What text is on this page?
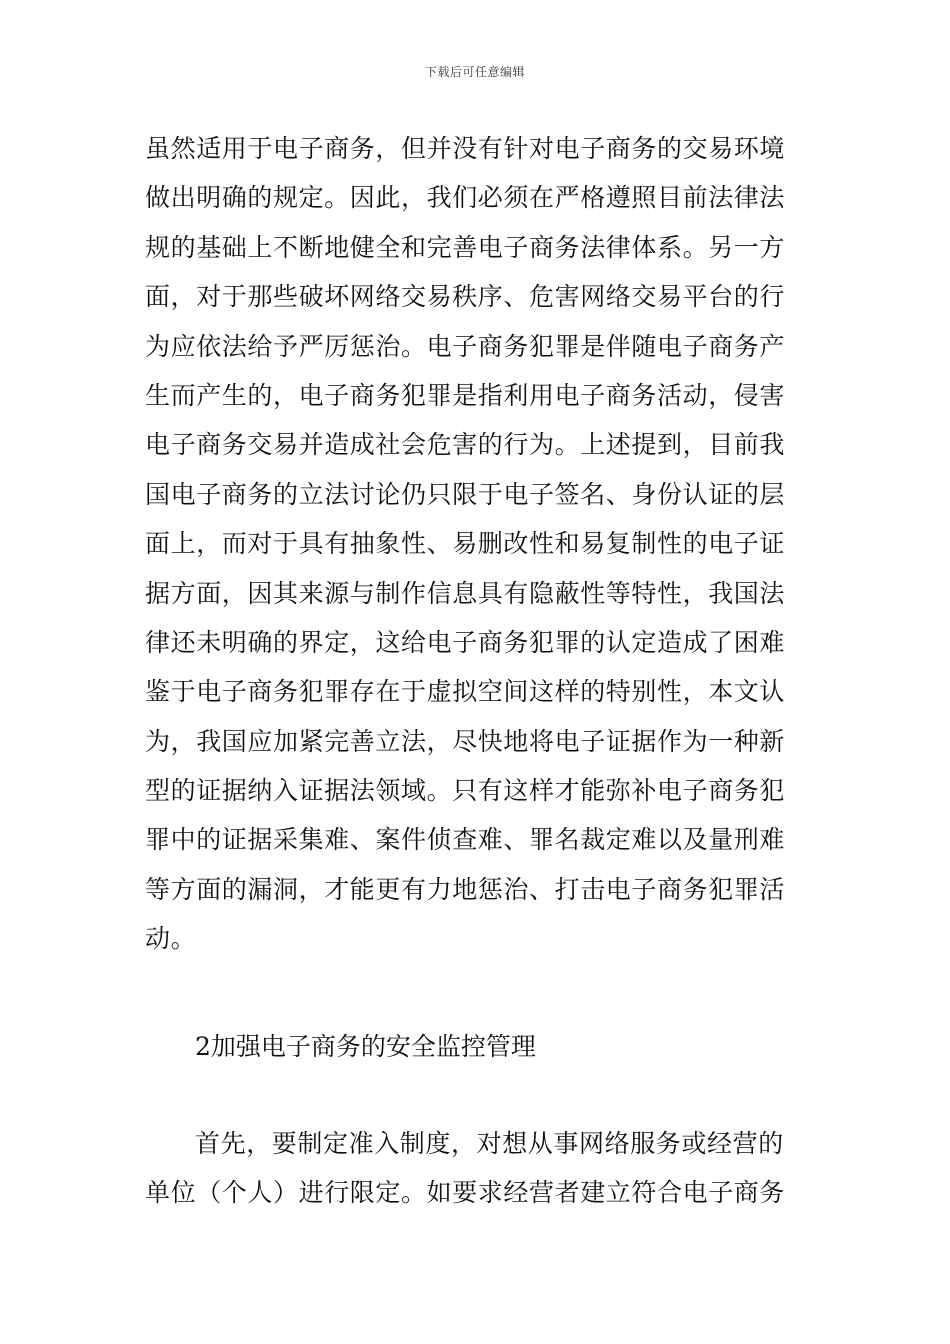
下载后可任意编辑
虽然适用于电子商务，但并没有针对电子商务的交易环境
做出明确的规定。因此，我们必须在严格遵照目前法律法
规的基础上不断地健全和完善电子商务法律体系。另一方
面，对于那些破坏网络交易秩序、危害网络交易平台的行
为应依法给予严厉惩治。电子商务犯罪是伴随电子商务产
生而产生的，电子商务犯罪是指利用电子商务活动，侵害
电子商务交易并造成社会危害的行为。上述提到，目前我
国电子商务的立法讨论仍只限于电子签名、身份认证的层
面上，而对于具有抽象性、易删改性和易复制性的电子证
据方面，因其来源与制作信息具有隐蔽性等特性，我国法
律还未明确的界定，这给电子商务犯罪的认定造成了困难
鉴于电子商务犯罪存在于虚拟空间这样的特别性，本文认
为，我国应加紧完善立法，尽快地将电子证据作为一种新
型的证据纳入证据法领域。只有这样才能弥补电子商务犯
罪中的证据采集难、案件侦查难、罪名裁定难以及量刑难
等方面的漏洞，才能更有力地惩治、打击电子商务犯罪活
动。
2加强电子商务的安全监控管理
首先，要制定准入制度，对想从事网络服务或经营的
单位（个人）进行限定。如要求经营者建立符合电子商务
